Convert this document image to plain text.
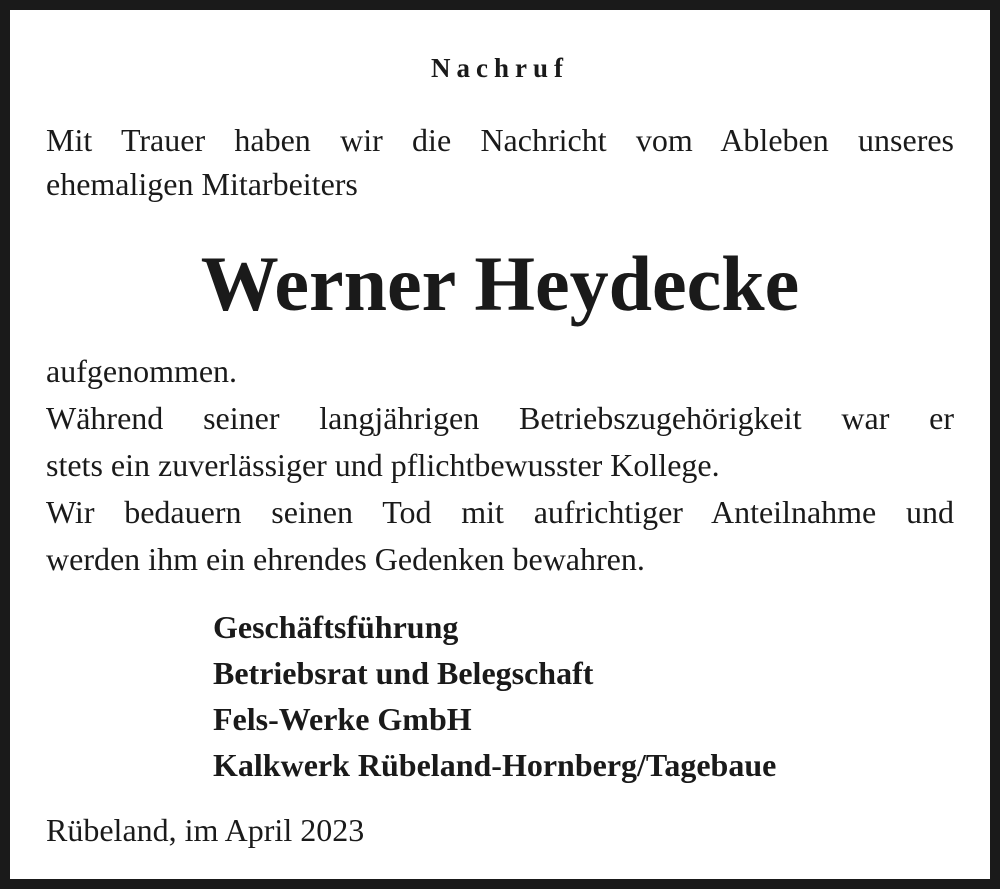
Nachruf
Mit Trauer haben wir die Nachricht vom Ableben unseres
ehemaligen Mitarbeiters
Werner Heydecke
aufgenommen.
Während seiner langjährigen Betriebszugehörigkeit war er
stets ein zuverlässiger und pflichtbewusster Kollege.
Wir bedauern seinen Tod mit aufrichtiger Anteilnahme und
werden ihm ein ehrendes Gedenken bewahren.
Geschäftsführung
Betriebsrat und Belegschaft
Fels-Werke GmbH
Kalkwerk Rübeland-Hornberg/Tagebaue
Rübeland, im April 2023
